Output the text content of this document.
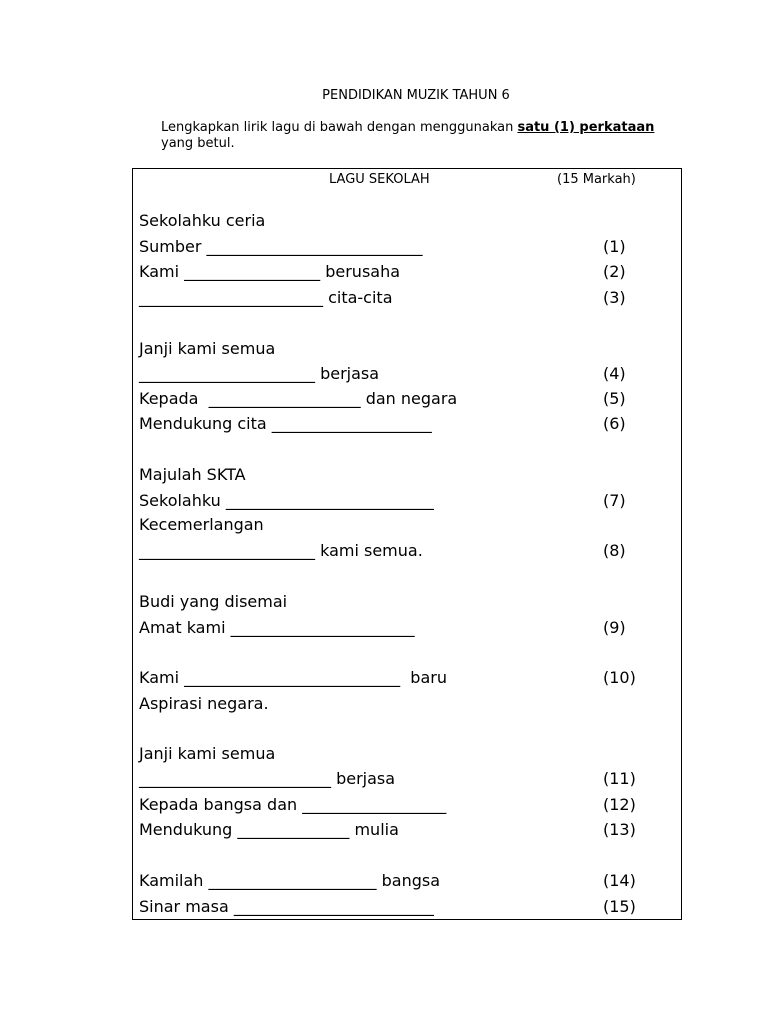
PENDIDIKAN MUZIK TAHUN 6
Lengkapkan lirik lagu di bawah dengan menggunakan satu (1) perkataan yang betul.
LAGU SEKOLAH	(15 Markah)
Sekolahku ceria
Sumber ___________________________	(1)
Kami _________________ berusaha	(2)
_______________________ cita-cita	(3)
Janji kami semua
______________________ berjasa	(4)
Kepada  ___________________ dan negara	(5)
Mendukung cita ____________________	(6)
Majulah SKTA
Sekolahku __________________________	(7)
Kecemerlangan
______________________ kami semua.	(8)
Budi yang disemai
Amat kami _______________________	(9)
Kami ___________________________  baru	(10)
Aspirasi negara.
Janji kami semua
________________________ berjasa	(11)
Kepada bangsa dan __________________	(12)
Mendukung ______________ mulia	(13)
Kamilah _____________________ bangsa	(14)
Sinar masa _________________________	(15)
